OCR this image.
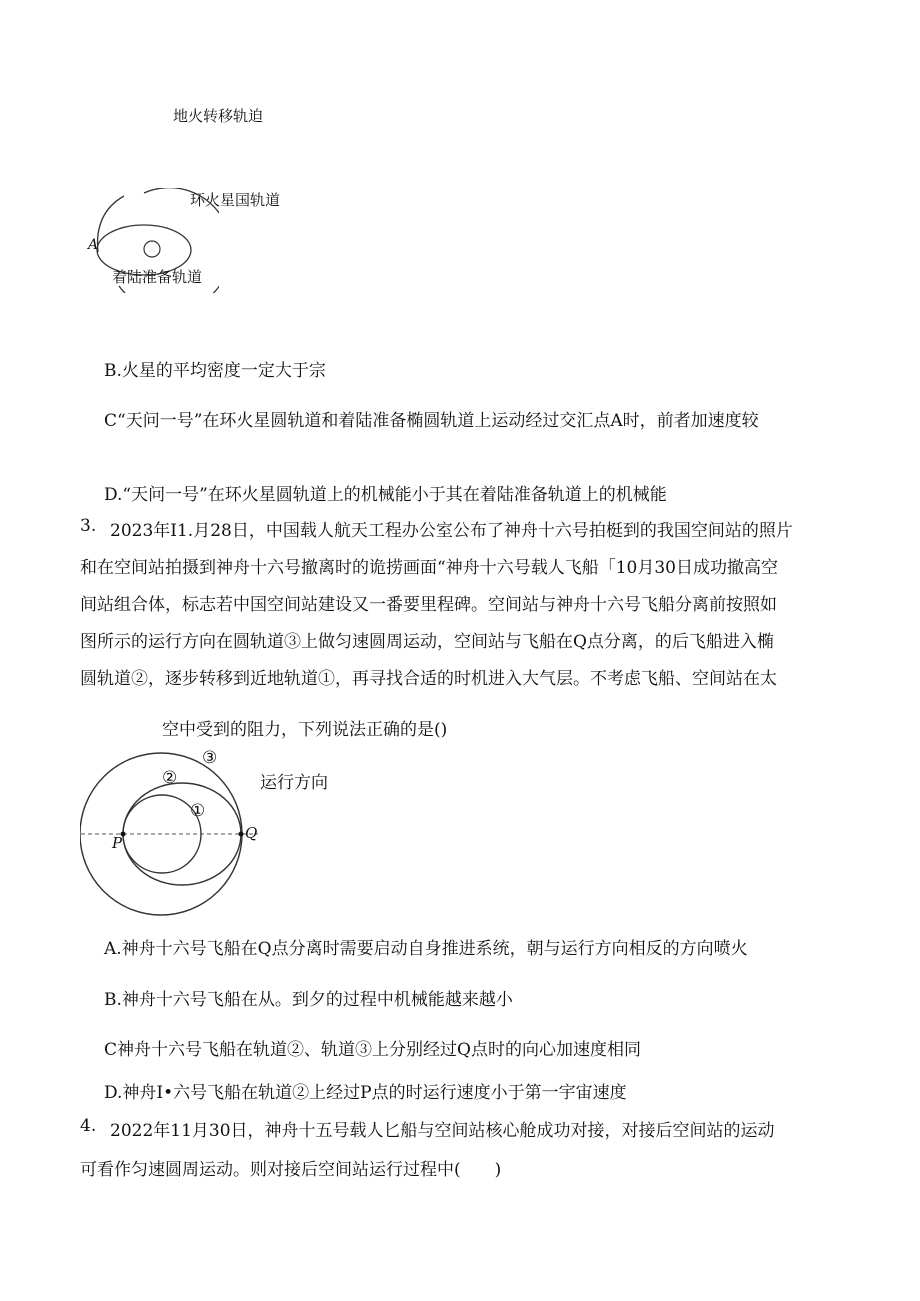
地火转移轨迫
环火星国轨道
A
着陆准备轨道
B.火星的平均密度一定大于宗
C“天问一号”在环火星圆轨道和着陆准备椭圆轨道上运动经过交汇点A时，前者加速度较
D.“天问一号”在环火星圆轨道上的机械能小于其在着陆准备轨道上的机械能
3. 2023年I1.月28日，中国载人航天工程办公室公布了神舟十六号拍梃到的我国空间站的照片
和在空间站拍摄到神舟十六号撤离时的诡捞画面“神舟十六号载人飞船「10月30日成功撤高空
间站组合体，标志若中国空间站建设又一番要里程碑。空间站与神舟十六号飞船分离前按照如
图所示的运行方向在圆轨道③上做匀速圆周运动，空间站与飞船在Q点分离，的后飞船进入椭
圆轨道②，逐步转移到近地轨道①，再寻找合适的时机进入大气层。不考虑飞船、空间站在太
空中受到的阻力，下列说法正确的是()
③
②
①
运行方向
P
Q
A.神舟十六号飞船在Q点分离时需要启动自身推进系统，朝与运行方向相反的方向喷火
B.神舟十六号飞船在从。到夕的过程中机械能越来越小
C神舟十六号飞船在轨道②、轨道③上分别经过Q点时的向心加速度相同
D.神舟I•六号飞船在轨道②上经过P点的时运行速度小于第一宇宙速度
4. 2022年11月30日，神舟十五号载人匕船与空间站核心舱成功对接，对接后空间站的运动
可看作匀速圆周运动。则对接后空间站运行过程中(　　)
